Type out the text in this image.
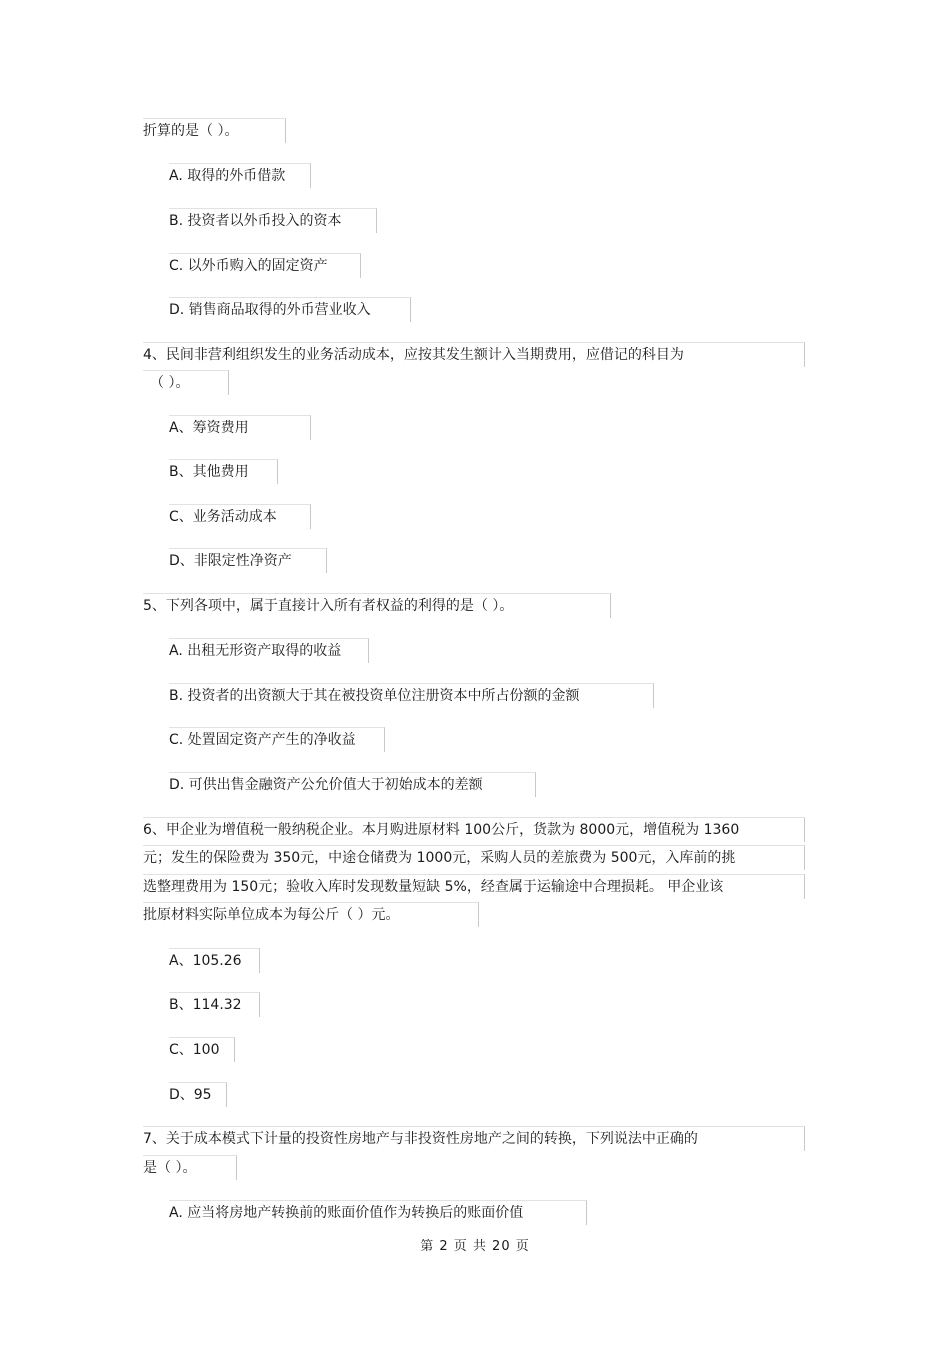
折算的是（ ）。
A. 取得的外币借款
B. 投资者以外币投入的资本
C. 以外币购入的固定资产
D. 销售商品取得的外币营业收入
4、民间非营利组织发生的业务活动成本，应按其发生额计入当期费用，应借记的科目为
（ ）。
A、筹资费用
B、其他费用
C、业务活动成本
D、非限定性净资产
5、下列各项中，属于直接计入所有者权益的利得的是（ ）。
A. 出租无形资产取得的收益
B. 投资者的出资额大于其在被投资单位注册资本中所占份额的金额
C. 处置固定资产产生的净收益
D. 可供出售金融资产公允价值大于初始成本的差额
6、甲企业为增值税一般纳税企业。本月购进原材料 100公斤，货款为 8000元，增值税为 1360
元；发生的保险费为 350元，中途仓储费为 1000元，采购人员的差旅费为 500元，入库前的挑
选整理费用为 150元；验收入库时发现数量短缺 5%，经查属于运输途中合理损耗。 甲企业该
批原材料实际单位成本为每公斤（ ）元。
A、105.26
B、114.32
C、100
D、95
7、关于成本模式下计量的投资性房地产与非投资性房地产之间的转换，下列说法中正确的
是（ ）。
A. 应当将房地产转换前的账面价值作为转换后的账面价值
第 2 页 共 20 页
